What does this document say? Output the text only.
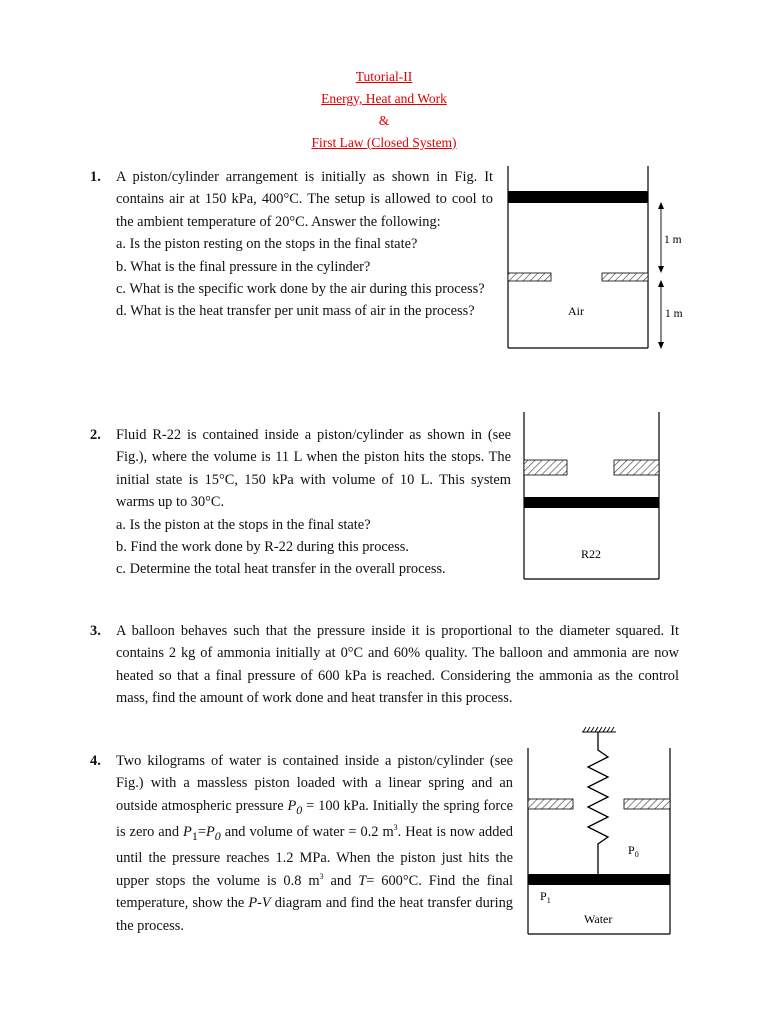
Tutorial-II
Energy, Heat and Work
&
First Law (Closed System)
1. A piston/cylinder arrangement is initially as shown in Fig. It contains air at 150 kPa, 400°C. The setup is allowed to cool to the ambient temperature of 20°C. Answer the following:
a. Is the piston resting on the stops in the final state?
b. What is the final pressure in the cylinder?
c. What is the specific work done by the air during this process?
d. What is the heat transfer per unit mass of air in the process?	Air
1 m
1 m
2. Fluid R-22 is contained inside a piston/cylinder as shown in (see Fig.), where the volume is 11 L when the piston hits the stops. The initial state is 15°C, 150 kPa with volume of 10 L. This system warms up to 30°C.
a. Is the piston at the stops in the final state?
b. Find the work done by R-22 during this process.
c. Determine the total heat transfer in the overall process.
R22
3. A balloon behaves such that the pressure inside it is proportional to the diameter squared. It contains 2 kg of ammonia initially at 0°C and 60% quality. The balloon and ammonia are now heated so that a final pressure of 600 kPa is reached. Considering the ammonia as the control mass, find the amount of work done and heat transfer in this process.
4. Two kilograms of water is contained inside a piston/cylinder (see Fig.) with a massless piston loaded with a linear spring and an outside atmospheric pressure $P_0 = 100$ kPa. Initially the spring force is zero and $P_1=P_0$ and volume of water = 0.2 $m^3$. Heat is now added until the pressure reaches 1.2 MPa. When the piston just hits the upper stops the volume is 0.8 $m^3$ and T= 600°C. Find the final temperature, show the P-V diagram and find the heat transfer during the process.
$P_0$
$P_1$
Water
